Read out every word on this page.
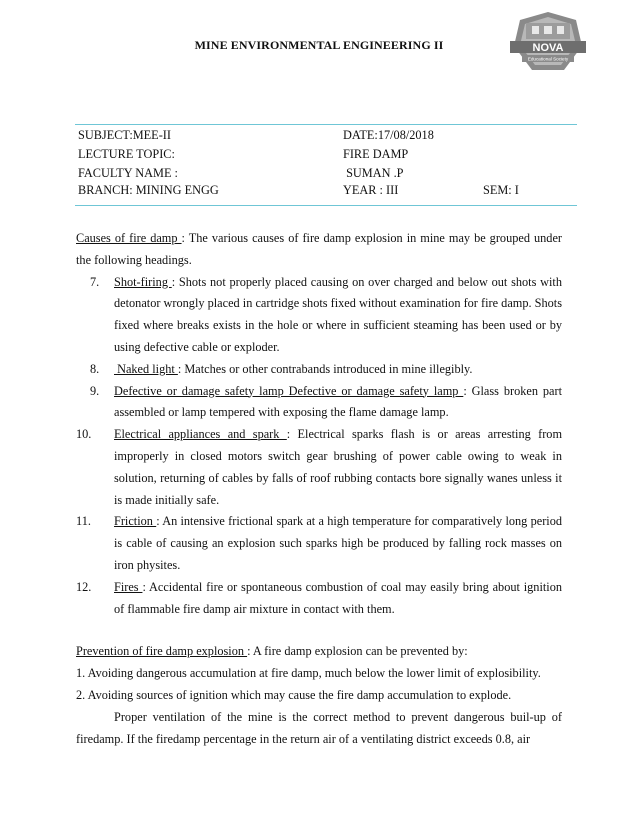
MINE ENVIRONMENTAL ENGINEERING II	NOVA
Educational Society
SUBJECT:MEE-II	DATE:17/08/2018
LECTURE TOPIC:	FIRE DAMP
FACULTY NAME :	SUMAN .P
BRANCH: MINING ENGG	YEAR : III	SEM: I

Causes of fire damp : The various causes of fire damp explosion in mine may be grouped under the following headings.

7. Shot-firing : Shots not properly placed causing on over charged and below out shots with detonator wrongly placed in cartridge shots fixed without examination for fire damp. Shots fixed where breaks exists in the hole or where in sufficient steaming has been used or by using defective cable or exploder.
8. Naked light : Matches or other contrabands introduced in mine illegibly.
9. Defective or damage safety lamp Defective or damage safety lamp : Glass broken part assembled or lamp tempered with exposing the flame damage lamp.
10. Electrical appliances and spark : Electrical sparks flash is or areas arresting from improperly in closed motors switch gear brushing of power cable owing to weak in solution, returning of cables by falls of roof rubbing contacts bore signally wanes unless it is made initially safe.
11. Friction : An intensive frictional spark at a high temperature for comparatively long period is cable of causing an explosion such sparks high be produced by falling rock masses on iron physites.
12. Fires : Accidental fire or spontaneous combustion of coal may easily bring about ignition of flammable fire damp air mixture in contact with them.

Prevention of fire damp explosion : A fire damp explosion can be prevented by:

1. Avoiding dangerous accumulation at fire damp, much below the lower limit of explosibility.

2. Avoiding sources of ignition which may cause the fire damp accumulation to explode.

Proper ventilation of the mine is the correct method to prevent dangerous buil-up of firedamp. If the firedamp percentage in the return air of a ventilating district exceeds 0.8, air
